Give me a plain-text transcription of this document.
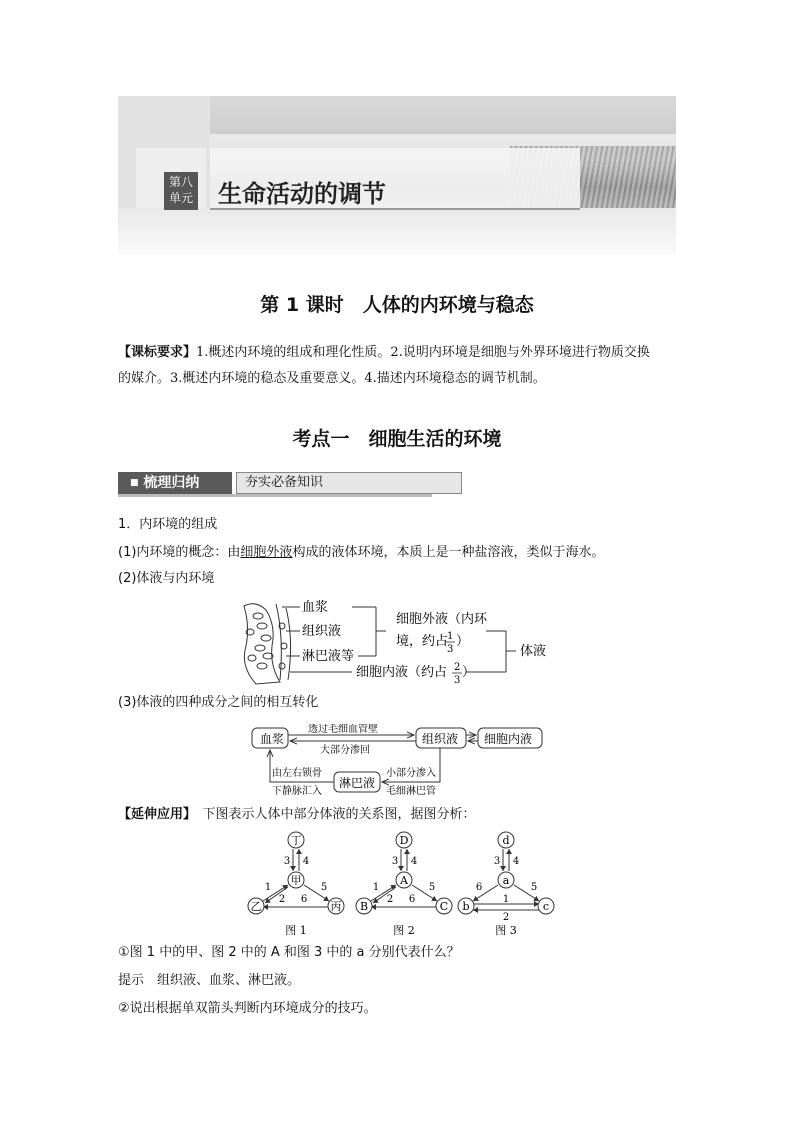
第八
单元 生命活动的调节
第 1 课时　人体的内环境与稳态
【课标要求】1.概述内环境的组成和理化性质。2.说明内环境是细胞与外界环境进行物质交换
的媒介。3.概述内环境的稳态及重要意义。4.描述内环境稳态的调节机制。
考点一　细胞生活的环境
■ 梳理归纳	夯实必备知识
1．内环境的组成
(1)内环境的概念：由细胞外液构成的液体环境，本质上是一种盐溶液，类似于海水。
(2)体液与内环境
血浆
组织液
淋巴液等
细胞外液（内环
境，约占
1
3
）
细胞内液（约占 2
3
）
体液
(3)体液的四种成分之间的相互转化
血浆	组织液 细胞内液
淋巴液
透过毛细血管壁
大部分渗回
由左右锁骨
下静脉汇入
小部分渗入
毛细淋巴管
【延伸应用】　 下图表示人体中部分体液的关系图，据图分析：
丁
甲
乙	丙
3 4
1
2
5
6
图 1
D
A
B	C
3 4
1
2
5
6
图 2
d
a
b	c
3 4
6	5
1
2
图 3
①图 1 中的甲、图 2 中的 A 和图 3 中的 a 分别代表什么？
提示　 组织液、血浆、淋巴液。
②说出根据单双箭头判断内环境成分的技巧。
